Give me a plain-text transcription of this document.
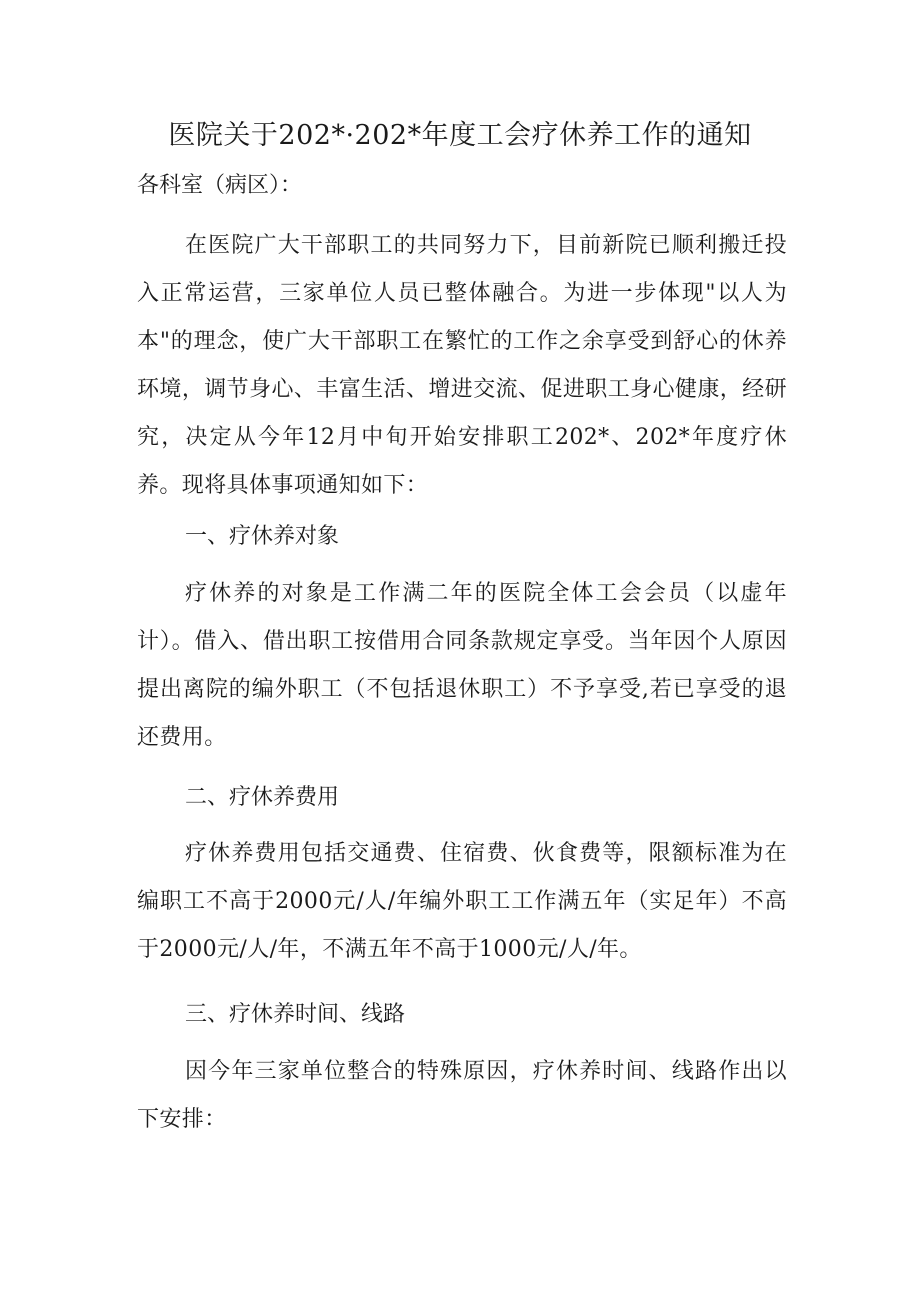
医院关于202*·202*年度工会疗休养工作的通知

各科室（病区）：

在医院广大干部职工的共同努力下，目前新院已顺利搬迁投入正常运营，三家单位人员已整体融合。为进一步体现"以人为本"的理念，使广大干部职工在繁忙的工作之余享受到舒心的休养环境，调节身心、丰富生活、增进交流、促进职工身心健康，经研究，决定从今年12月中旬开始安排职工202*、202*年度疗休养。现将具体事项通知如下：

一、疗休养对象

疗休养的对象是工作满二年的医院全体工会会员（以虚年计）。借入、借出职工按借用合同条款规定享受。当年因个人原因提出离院的编外职工（不包括退休职工）不予享受,若已享受的退还费用。

二、疗休养费用

疗休养费用包括交通费、住宿费、伙食费等，限额标准为在编职工不高于2000元/人/年编外职工工作满五年（实足年）不高于2000元/人/年，不满五年不高于1000元/人/年。

三、疗休养时间、线路

因今年三家单位整合的特殊原因，疗休养时间、线路作出以下安排：
